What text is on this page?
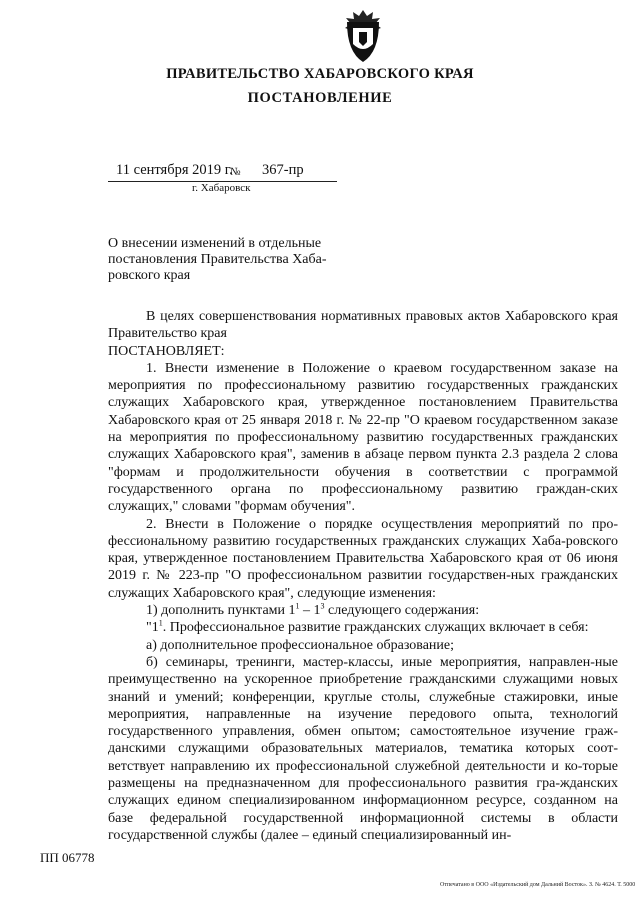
ПРАВИТЕЛЬСТВО ХАБАРОВСКОГО КРАЯ
ПОСТАНОВЛЕНИЕ
11 сентября 2019 г.
№ 367-пр
г. Хабаровск
О внесении изменений в отдельные постановления Правительства Хаба-ровского края

В целях совершенствования нормативных правовых актов Хабаровского края Правительство края

ПОСТАНОВЛЯЕТ:

1. Внести изменение в Положение о краевом государственном заказе на мероприятия по профессиональному развитию государственных гражданских служащих Хабаровского края, утвержденное постановлением Правительства Хабаровского края от 25 января 2018 г. № 22-пр "О краевом государственном заказе на мероприятия по профессиональному развитию государственных гражданских служащих Хабаровского края", заменив в абзаце первом пункта 2.3 раздела 2 слова "формам и продолжительности обучения в соответствии с программой государственного органа по профессиональному развитию граждан-ских служащих," словами "формам обучения".

2. Внести в Положение о порядке осуществления мероприятий по про-фессиональному развитию государственных гражданских служащих Хаба-ровского края, утвержденное постановлением Правительства Хабаровского края от 06 июня 2019 г. № 223-пр "О профессиональном развитии государствен-ных гражданских служащих Хабаровского края", следующие изменения:

1) дополнить пунктами $1^1 - 1^3$ следующего содержания:

"$1^1$. Профессиональное развитие гражданских служащих включает в себя:

а) дополнительное профессиональное образование;

б) семинары, тренинги, мастер-классы, иные мероприятия, направлен-ные преимущественно на ускоренное приобретение гражданскими служащими новых знаний и умений; конференции, круглые столы, служебные стажировки, иные мероприятия, направленные на изучение передового опыта, технологий государственного управления, обмен опытом; самостоятельное изучение граж-данскими служащими образовательных материалов, тематика которых соот-ветствует направлению их профессиональной служебной деятельности и ко-торые размещены на предназначенном для профессионального развития гра-жданских служащих едином специализированном информационном ресурсе, созданном на базе федеральной государственной информационной системы в области государственной службы (далее – единый специализированный ин-

ПП 06778
Отпечатано в ООО «Издательский дом Дальний Восток». З. № 4624. Т. 5000
